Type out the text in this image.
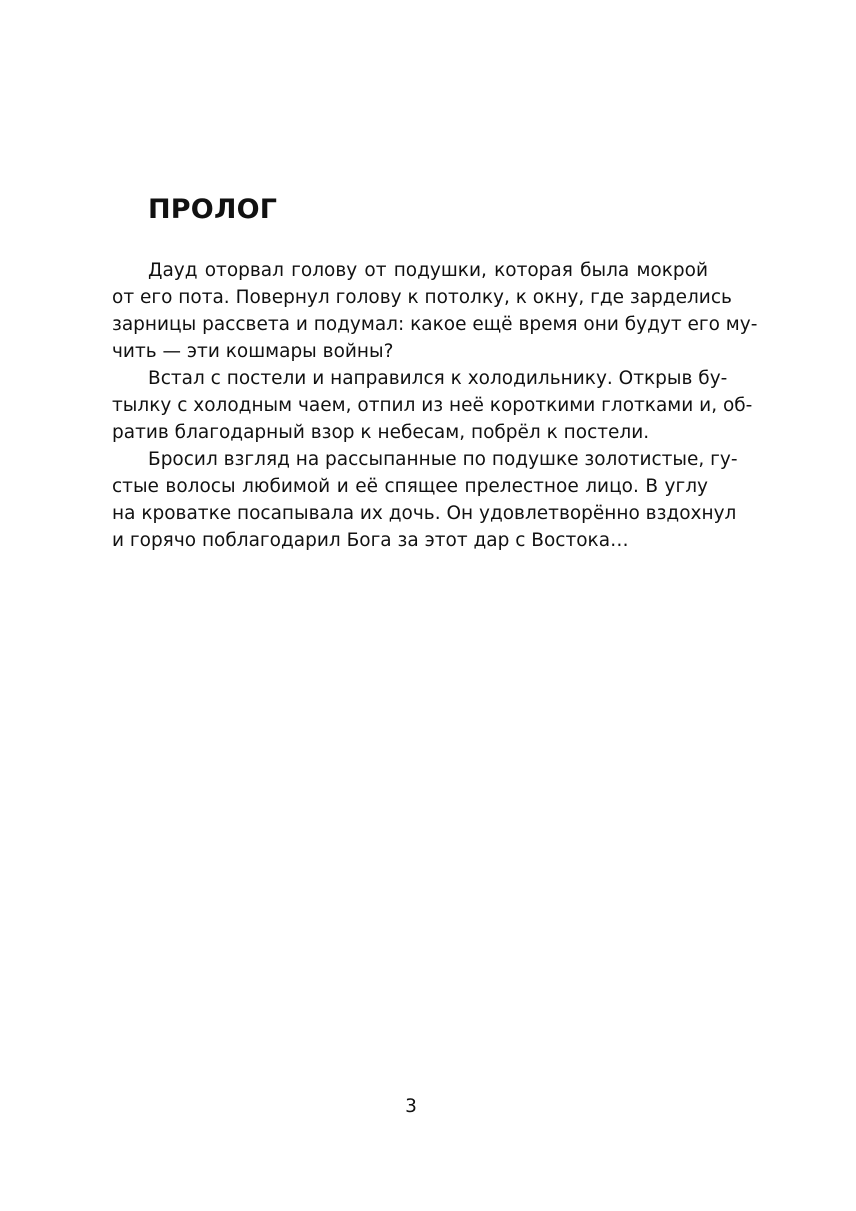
ПРОЛОГ
Дауд оторвал голову от подушки, которая была мокрой
от его пота. Повернул голову к потолку, к окну, где зарделись
зарницы рассвета и подумал: какое ещё время они будут его му-
чить — эти кошмары войны?
Встал с постели и направился к холодильнику. Открыв бу-
тылку с холодным чаем, отпил из неё короткими глотками и, об-
ратив благодарный взор к небесам, побрёл к постели.
Бросил взгляд на рассыпанные по подушке золотистые, гу-
стые волосы любимой и её спящее прелестное лицо. В углу
на кроватке посапывала их дочь. Он удовлетворённо вздохнул
и горячо поблагодарил Бога за этот дар с Востока…
3
